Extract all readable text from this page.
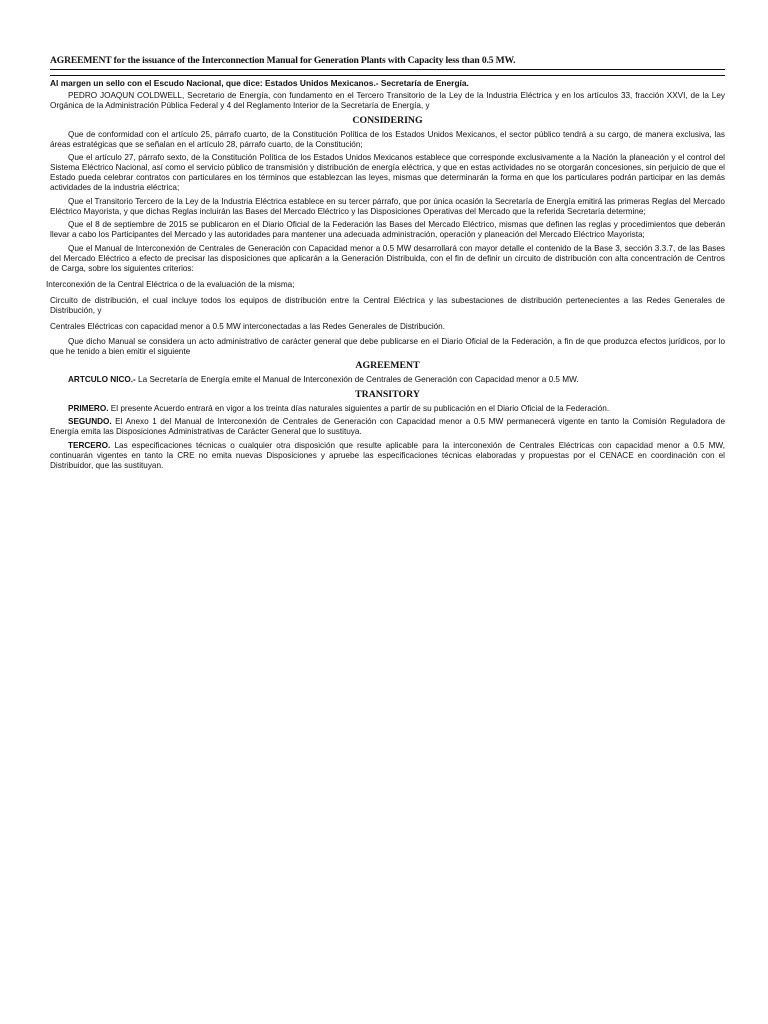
AGREEMENT for the issuance of the Interconnection Manual for Generation Plants with Capacity less than 0.5 MW.
Al margen un sello con el Escudo Nacional, que dice: Estados Unidos Mexicanos.- Secretaría de Energía.

PEDRO JOAQUN COLDWELL, Secretario de Energía, con fundamento en el Tercero Transitorio de la Ley de la Industria Eléctrica y en los artículos 33, fracción XXVI, de la Ley Orgánica de la Administración Pública Federal y 4 del Reglamento Interior de la Secretaría de Energía, y

CONSIDERING

Que de conformidad con el artículo 25, párrafo cuarto, de la Constitución Política de los Estados Unidos Mexicanos, el sector público tendrá a su cargo, de manera exclusiva, las áreas estratégicas que se señalan en el artículo 28, párrafo cuarto, de la Constitución;

Que el artículo 27, párrafo sexto, de la Constitución Política de los Estados Unidos Mexicanos establece que corresponde exclusivamente a la Nación la planeación y el control del Sistema Eléctrico Nacional, así como el servicio público de transmisión y distribución de energía eléctrica, y que en estas actividades no se otorgarán concesiones, sin perjuicio de que el Estado pueda celebrar contratos con particulares en los términos que establezcan las leyes, mismas que determinarán la forma en que los particulares podrán participar en las demás actividades de la industria eléctrica;

Que el Transitorio Tercero de la Ley de la Industria Eléctrica establece en su tercer párrafo, que por única ocasión la Secretaría de Energía emitirá las primeras Reglas del Mercado Eléctrico Mayorista, y que dichas Reglas incluirán las Bases del Mercado Eléctrico y las Disposiciones Operativas del Mercado que la referida Secretaría determine;

Que el 8 de septiembre de 2015 se publicaron en el Diario Oficial de la Federación las Bases del Mercado Eléctrico, mismas que definen las reglas y procedimientos que deberán llevar a cabo los Participantes del Mercado y las autoridades para mantener una adecuada administración, operación y planeación del Mercado Eléctrico Mayorista;

Que el Manual de Interconexión de Centrales de Generación con Capacidad menor a 0.5 MW desarrollará con mayor detalle el contenido de la Base 3, sección 3.3.7, de las Bases del Mercado Eléctrico a efecto de precisar las disposiciones que aplicarán a la Generación Distribuida, con el fin de definir un circuito de distribución con alta concentración de Centros de Carga, sobre los siguientes criterios:

Interconexión de la Central Eléctrica o de la evaluación de la misma;

Circuito de distribución, el cual incluye todos los equipos de distribución entre la Central Eléctrica y las subestaciones de distribución pertenecientes a las Redes Generales de Distribución, y

Centrales Eléctricas con capacidad menor a 0.5 MW interconectadas a las Redes Generales de Distribución.

Que dicho Manual se considera un acto administrativo de carácter general que debe publicarse en el Diario Oficial de la Federación, a fin de que produzca efectos jurídicos, por lo que he tenido a bien emitir el siguiente

AGREEMENT

ARTCULO NICO.- La Secretaría de Energía emite el Manual de Interconexión de Centrales de Generación con Capacidad menor a 0.5 MW.

TRANSITORY

PRIMERO. El presente Acuerdo entrará en vigor a los treinta días naturales siguientes a partir de su publicación en el Diario Oficial de la Federación.

SEGUNDO. El Anexo 1 del Manual de Interconexión de Centrales de Generación con Capacidad menor a 0.5 MW permanecerá vigente en tanto la Comisión Reguladora de Energía emita las Disposiciones Administrativas de Carácter General que lo sustituya.

TERCERO. Las especificaciones técnicas o cualquier otra disposición que resulte aplicable para la interconexión de Centrales Eléctricas con capacidad menor a 0.5 MW, continuarán vigentes en tanto la CRE no emita nuevas Disposiciones y apruebe las especificaciones técnicas elaboradas y propuestas por el CENACE en coordinación con el Distribuidor, que las sustituyan.
